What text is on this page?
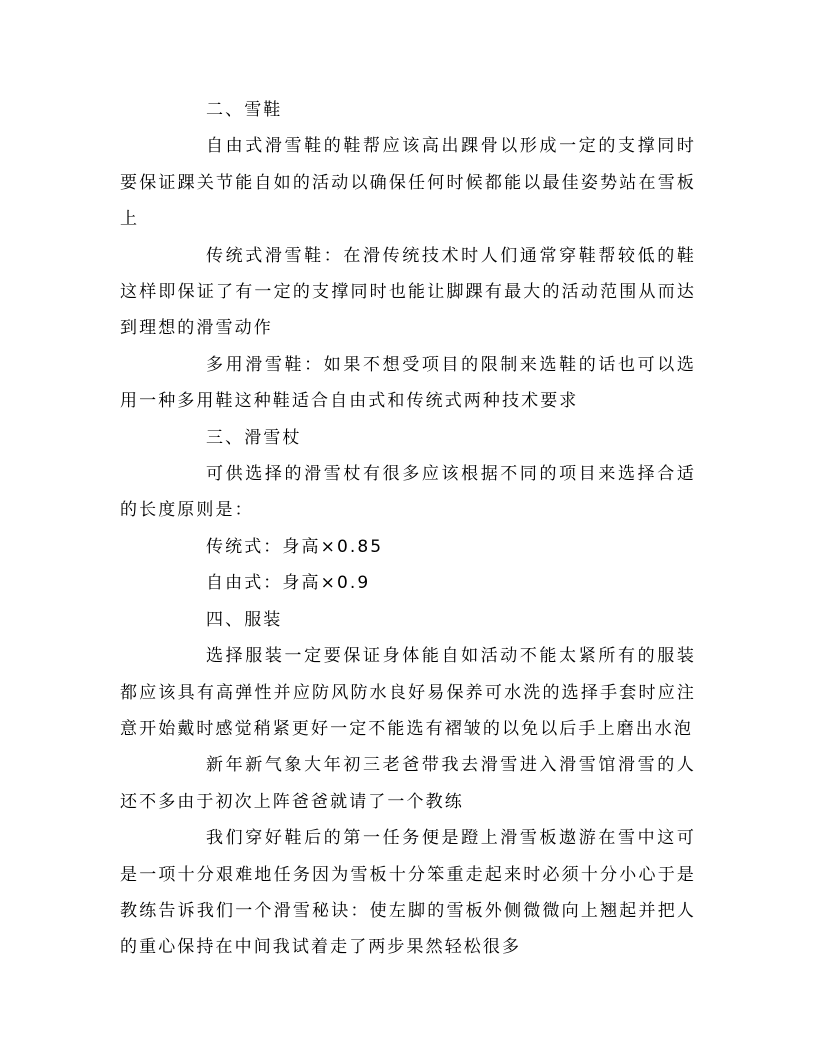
二、雪鞋

自由式滑雪鞋的鞋帮应该高出踝骨以形成一定的支撑同时要保证踝关节能自如的活动以确保任何时候都能以最佳姿势站在雪板上

传统式滑雪鞋：在滑传统技术时人们通常穿鞋帮较低的鞋这样即保证了有一定的支撑同时也能让脚踝有最大的活动范围从而达到理想的滑雪动作

多用滑雪鞋：如果不想受项目的限制来选鞋的话也可以选用一种多用鞋这种鞋适合自由式和传统式两种技术要求

三、滑雪杖

可供选择的滑雪杖有很多应该根据不同的项目来选择合适的长度原则是：

传统式：身高×0.85

自由式：身高×0.9

四、服装

选择服装一定要保证身体能自如活动不能太紧所有的服装都应该具有高弹性并应防风防水良好易保养可水洗的选择手套时应注意开始戴时感觉稍紧更好一定不能选有褶皱的以免以后手上磨出水泡

新年新气象大年初三老爸带我去滑雪进入滑雪馆滑雪的人还不多由于初次上阵爸爸就请了一个教练

我们穿好鞋后的第一任务便是蹬上滑雪板遨游在雪中这可是一项十分艰难地任务因为雪板十分笨重走起来时必须十分小心于是教练告诉我们一个滑雪秘诀：使左脚的雪板外侧微微向上翘起并把人的重心保持在中间我试着走了两步果然轻松很多
